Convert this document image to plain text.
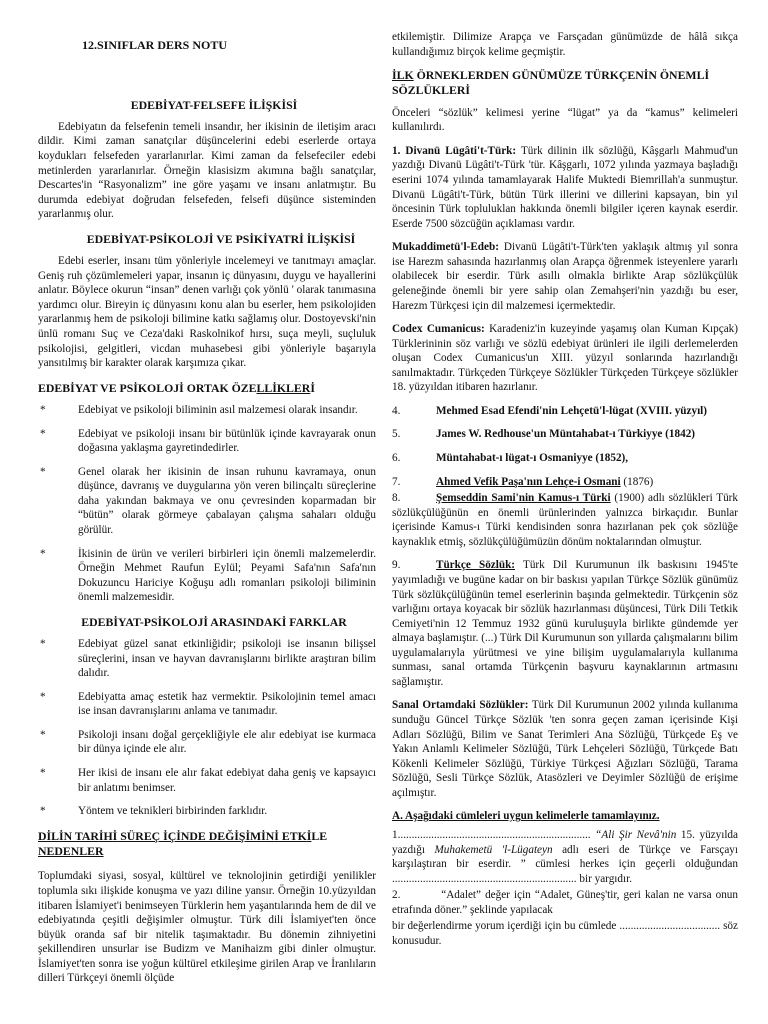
12.SINIFLAR DERS NOTU
EDEBİYAT-FELSEFE İLİŞKİSİ

Edebiyatın da felsefenin temeli insandır, her ikisinin de iletişim aracı dildir. Kimi zaman sanatçılar düşüncelerini edebi eserlerde ortaya koydukları felsefeden yararlanırlar. Kimi zaman da felsefeciler edebi metinlerden yararlanırlar. Örneğin klasisizm akımına bağlı sanatçılar, Descartes'in “Rasyonalizm” ine göre yaşamı ve insanı anlatmıştır. Bu durumda edebiyat doğrudan felsefeden, felsefi düşünce sisteminden yararlanmış olur.

EDEBİYAT-PSİKOLOJİ VE PSİKİYATRİ İLİŞKİSİ

Edebi eserler, insanı tüm yönleriyle incelemeyi ve tanıtmayı amaçlar. Geniş ruh çözümlemeleri yapar, insanın iç dünyasını, duygu ve hayallerini anlatır. Böylece okurun “insan” denen varlığı çok yönlü ' olarak tanımasına yardımcı olur. Bireyin iç dünyasını konu alan bu eserler, hem psikolojiden yararlanmış hem de psikoloji bilimine katkı sağlamış olur. Dostoyevski'nin ünlü romanı Suç ve Ceza'daki Raskolnikof hırsı, suça meyli, suçluluk psikolojisi, gelgitleri, vicdan muhasebesi gibi yönleriyle başarıyla yansıtılmış bir karakter olarak karşımıza çıkar.

EDEBİYAT VE PSİKOLOJİ ORTAK ÖZELLİKLERİ
*	Edebiyat ve psikoloji biliminin asıl malzemesi olarak insandır.
*	Edebiyat ve psikoloji insanı bir bütünlük içinde kavrayarak onun doğasına yaklaşma gayretindedirler.
*	Genel olarak her ikisinin de insan ruhunu kavramaya, onun düşünce, davranış ve duygularına yön veren bilinçaltı süreçlerine daha yakından bakmaya ve onu çevresinden koparmadan bir “bütün” olarak görmeye çabalayan çalışma sahaları olduğu görülür.
*	İkisinin de ürün ve verileri birbirleri için önemli malzemelerdir. Örneğin Mehmet Raufun Eylül; Peyami Safa'nın Safa'nın Dokuzuncu Hariciye Koğuşu adlı romanları psikoloji biliminin önemli malzemesidir.
EDEBİYAT-PSİKOLOJİ ARASINDAKİ FARKLAR
*	Edebiyat güzel sanat etkinliğidir; psikoloji ise insanın bilişsel süreçlerini, insan ve hayvan davranışlarını birlikte araştıran bilim dalıdır.
*	Edebiyatta amaç estetik haz vermektir. Psikolojinin temel amacı ise insan davranışlarını anlama ve tanımadır.
*	Psikoloji insanı doğal gerçekliğiyle ele alır edebiyat ise kurmaca bir dünya içinde ele alır.
*	Her ikisi de insanı ele alır fakat edebiyat daha geniş ve kapsayıcı bir anlatımı benimser.
*	Yöntem ve teknikleri birbirinden farklıdır.
DİLİN TARİHİ SÜREÇ İÇİNDE DEĞİŞİMİNİ ETKİLE
NEDENLER

Toplumdaki siyasi, sosyal, kültürel ve teknolojinin getirdiği yenilikler toplumla sıkı ilişkide konuşma ve yazı diline yansır. Örneğin 10.yüzyıldan itibaren İslamiyet'i benimseyen Türklerin hem yaşantılarında hem de dil ve edebiyatında çeşitli değişimler olmuştur. Türk dili İslamiyet'ten önce büyük oranda saf bir nitelik taşımaktadır. Bu dönemin zihniyetini şekillendiren unsurlar ise Budizm ve Manihaizm gibi dinler olmuştur. İslamiyet'ten sonra ise yoğun kültürel etkileşime girilen Arap ve İranlıların dilleri Türkçeyi önemli ölçüde

etkilemiştir. Dilimize Arapça ve Farsçadan günümüzde de hâlâ sıkça kullandığımız birçok kelime geçmiştir.

İLK ÖRNEKLERDEN GÜNÜMÜZE TÜRKÇENİN ÖNEMLİ SÖZLÜKLERİ

Önceleri “sözlük” kelimesi yerine “lügat” ya da “kamus” kelimeleri kullanılırdı.

1. Divanü Lügâti't-Türk: Türk dilinin ilk sözlüğü, Kâşgarlı Mahmud'un yazdığı Divanü Lügâti't-Türk 'tür. Kâşgarlı, 1072 yılında yazmaya başladığı eserini 1074 yılında tamamlayarak Halife Muktedi Biemrillah'a sunmuştur. Divanü Lügâti't-Türk, bütün Türk illerini ve dillerini kapsayan, bin yıl öncesinin Türk topluluklan hakkında önemli bilgiler içeren kaynak eserdir. Eserde 7500 sözcüğün açıklaması vardır.
Mukaddimetü'l-Edeb: Divanü Lügâti't-Türk'ten yaklaşık altmış yıl sonra ise Harezm sahasında hazırlanmış olan Arapça öğrenmek isteyenlere yararlı olabilecek bir eserdir. Türk asıllı olmakla birlikte Arap sözlükçülük geleneğinde önemli bir yere sahip olan Zemahşeri'nin yazdığı bu eser, Harezm Türkçesi için dil malzemesi içermektedir.
Codex Cumanicus: Karadeniz'in kuzeyinde yaşamış olan Kuman Kıpçak) Türklerininin söz varlığı ve sözlü edebiyat ürünleri ile ilgili derlemelerden oluşan Codex Cumanicus'un XIII. yüzyıl sonlarında hazırlandığı sanılmaktadır. Türkçeden Türkçeye Sözlükler Türkçeden Türkçeye sözlükler 18. yüzyıldan itibaren hazırlanır.
4.	Mehmed Esad Efendi'nin Lehçetü'l-lügat (XVIII. yüzyıl)
5.	James W. Redhouse'un Müntahabat-ı Türkiyye (1842)
6.	Müntahabat-ı lügat-ı Osmaniyye (1852),
7.	Ahmed Vefik Paşa'nın Lehçe-i Osmani (1876)
8.	Şemseddin Sami'nin Kamus-ı Türki (1900) adlı sözlükleri Türk sözlükçülüğünün en önemli ürünlerinden yalnızca birkaçıdır. Bunlar içerisinde Kamus-ı Türki kendisinden sonra hazırlanan pek çok sözlüğe kaynaklık etmiş, sözlükçülüğümüzün dönüm noktalarından olmuştur.
9.	Türkçe Sözlük: Türk Dil Kurumunun ilk baskısını 1945'te yayımladığı ve bugüne kadar on bir baskısı yapılan Türkçe Sözlük günümüz Türk sözlükçülüğünün temel eserlerinin başında gelmektedir. Türkçenin söz varlığını ortaya koyacak bir sözlük hazırlanması düşüncesi, Türk Dili Tetkik Cemiyeti'nin 12 Temmuz 1932 günü kuruluşuyla birlikte gündemde yer almaya başlamıştır. (...) Türk Dil Kurumunun son yıllarda çalışmalarını bilim uygulamalarıyla yürütmesi ve yine bilişim uygulamalarıyla kullanıma sunması, sanal ortamda Türkçenin başvuru kaynaklarının artmasını sağlamıştır.
Sanal Ortamdaki Sözlükler: Türk Dil Kurumunun 2002 yılında kullanıma sunduğu Güncel Türkçe Sözlük 'ten sonra geçen zaman içerisinde Kişi Adları Sözlüğü, Bilim ve Sanat Terimleri Ana Sözlüğü, Türkçede Eş ve Yakın Anlamlı Kelimeler Sözlüğü, Türk Lehçeleri Sözlüğü, Türkçede Batı Kökenli Kelimeler Sözlüğü, Türkiye Türkçesi Ağızları Sözlüğü, Tarama Sözlüğü, Sesli Türkçe Sözlük, Atasözleri ve Deyimler Sözlüğü de erişime açılmıştır.
A. Aşağıdaki cümleleri uygun kelimelerle tamamlayınız.

1..................................................................... “Ali Şir Nevâ'nin 15. yüzyılda yazdığı Muhakemetü 'l-Lügateyn adlı eseri de Türkçe ve Farsçayı karşılaştıran bir eserdir. ” cümlesi herkes için geçerli olduğundan .................................................................. bir yargıdır.

2.          “Adalet” değer için “Adalet, Güneş'tir, geri kalan ne varsa onun etrafında döner.” şeklinde yapılacak

bir değerlendirme yorum içerdiği için bu cümlede .................................... söz konusudur.
